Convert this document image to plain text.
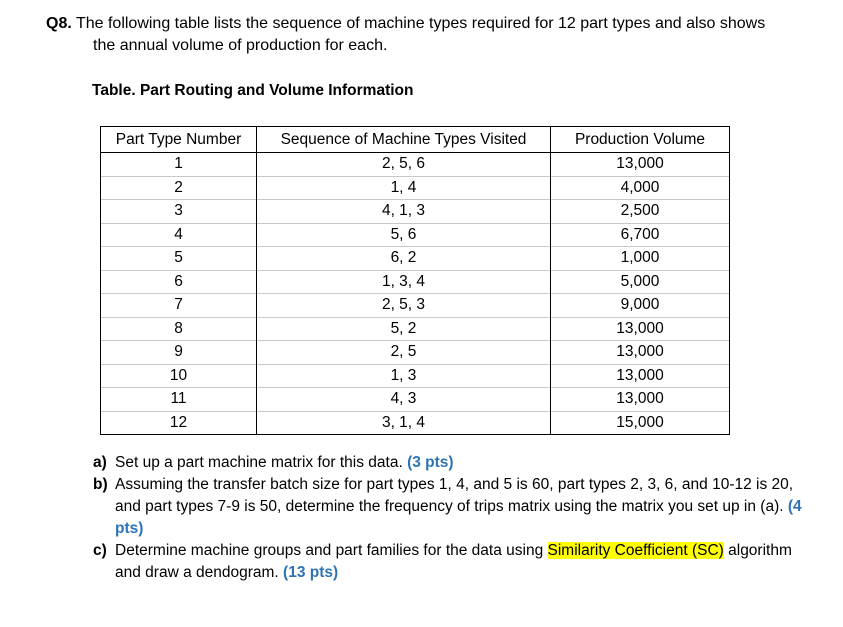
Q8. The following table lists the sequence of machine types required for 12 part types and also shows
the annual volume of production for each.
Table. Part Routing and Volume Information
Part Type Number	Sequence of Machine Types Visited	Production Volume
1	2, 5, 6	13,000
2	1, 4	4,000
3	4, 1, 3	2,500
4	5, 6	6,700
5	6, 2	1,000
6	1, 3, 4	5,000
7	2, 5, 3	9,000
8	5, 2	13,000
9	2, 5	13,000
10	1, 3	13,000
11	4, 3	13,000
12	3, 1, 4	15,000
a) Set up a part machine matrix for this data. (3 pts)
b) Assuming the transfer batch size for part types 1, 4, and 5 is 60, part types 2, 3, 6, and 10-12 is 20, and part types 7-9 is 50, determine the frequency of trips matrix using the matrix you set up in (a). (4 pts)
c) Determine machine groups and part families for the data using Similarity Coefficient (SC) algorithm and draw a dendogram. (13 pts)
